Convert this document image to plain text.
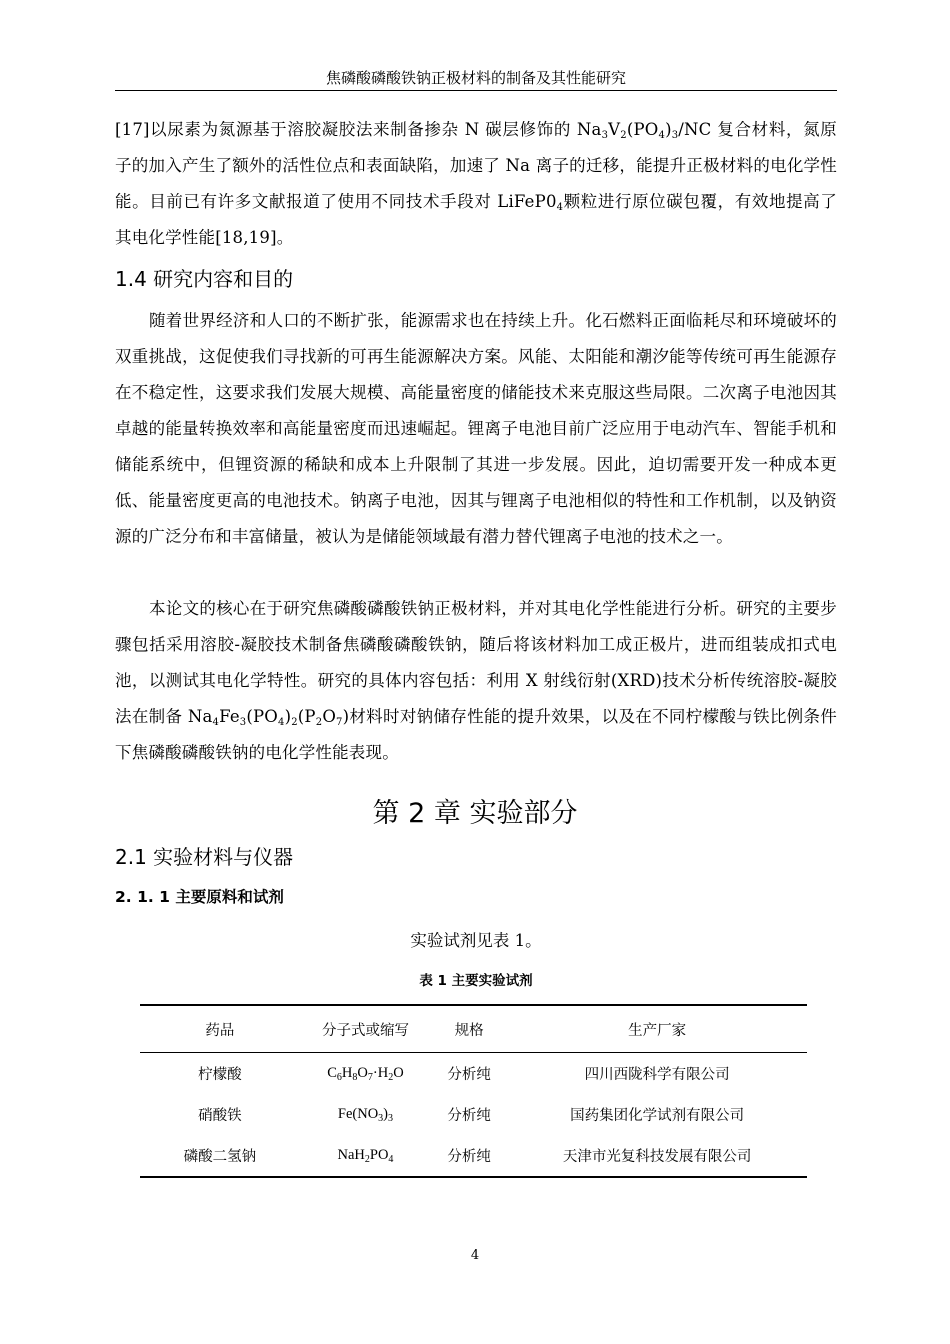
焦磷酸磷酸铁钠正极材料的制备及其性能研究

[17]以尿素为氮源基于溶胶凝胶法来制备掺杂 N 碳层修饰的 $Na_3V_2(PO_4)_3/NC$ 复合材料，氮原子的加入产生了额外的活性位点和表面缺陷，加速了 Na 离子的迁移，能提升正极材料的电化学性能。目前已有许多文献报道了使用不同技术手段对 $LiFeP0_4$颗粒进行原位碳包覆，有效地提高了其电化学性能[18,19]。

1.4 研究内容和目的

随着世界经济和人口的不断扩张，能源需求也在持续上升。化石燃料正面临耗尽和环境破坏的双重挑战，这促使我们寻找新的可再生能源解决方案。风能、太阳能和潮汐能等传统可再生能源存在不稳定性，这要求我们发展大规模、高能量密度的储能技术来克服这些局限。二次离子电池因其卓越的能量转换效率和高能量密度而迅速崛起。锂离子电池目前广泛应用于电动汽车、智能手机和储能系统中，但锂资源的稀缺和成本上升限制了其进一步发展。因此，迫切需要开发一种成本更低、能量密度更高的电池技术。钠离子电池，因其与锂离子电池相似的特性和工作机制，以及钠资源的广泛分布和丰富储量，被认为是储能领域最有潜力替代锂离子电池的技术之一。

本论文的核心在于研究焦磷酸磷酸铁钠正极材料，并对其电化学性能进行分析。研究的主要步骤包括采用溶胶-凝胶技术制备焦磷酸磷酸铁钠，随后将该材料加工成正极片，进而组装成扣式电池，以测试其电化学特性。研究的具体内容包括：利用 X 射线衍射(XRD)技术分析传统溶胶-凝胶法在制备 $Na_4Fe_3(PO_4)_2(P_2O_7)$材料时对钠储存性能的提升效果，以及在不同柠檬酸与铁比例条件下焦磷酸磷酸铁钠的电化学性能表现。

第 2 章 实验部分
2.1 实验材料与仪器
2. 1. 1 主要原料和试剂
实验试剂见表 1。
表 1 主要实验试剂
药品	分子式或缩写	规格	生产厂家
柠檬酸	$C_6H_8O_7\cdot H_2O$	分析纯	四川西陇科学有限公司
硝酸铁	$Fe(NO_3)_3$	分析纯	国药集团化学试剂有限公司
磷酸二氢钠	$NaH_2PO_4$	分析纯	天津市光复科技发展有限公司
4
